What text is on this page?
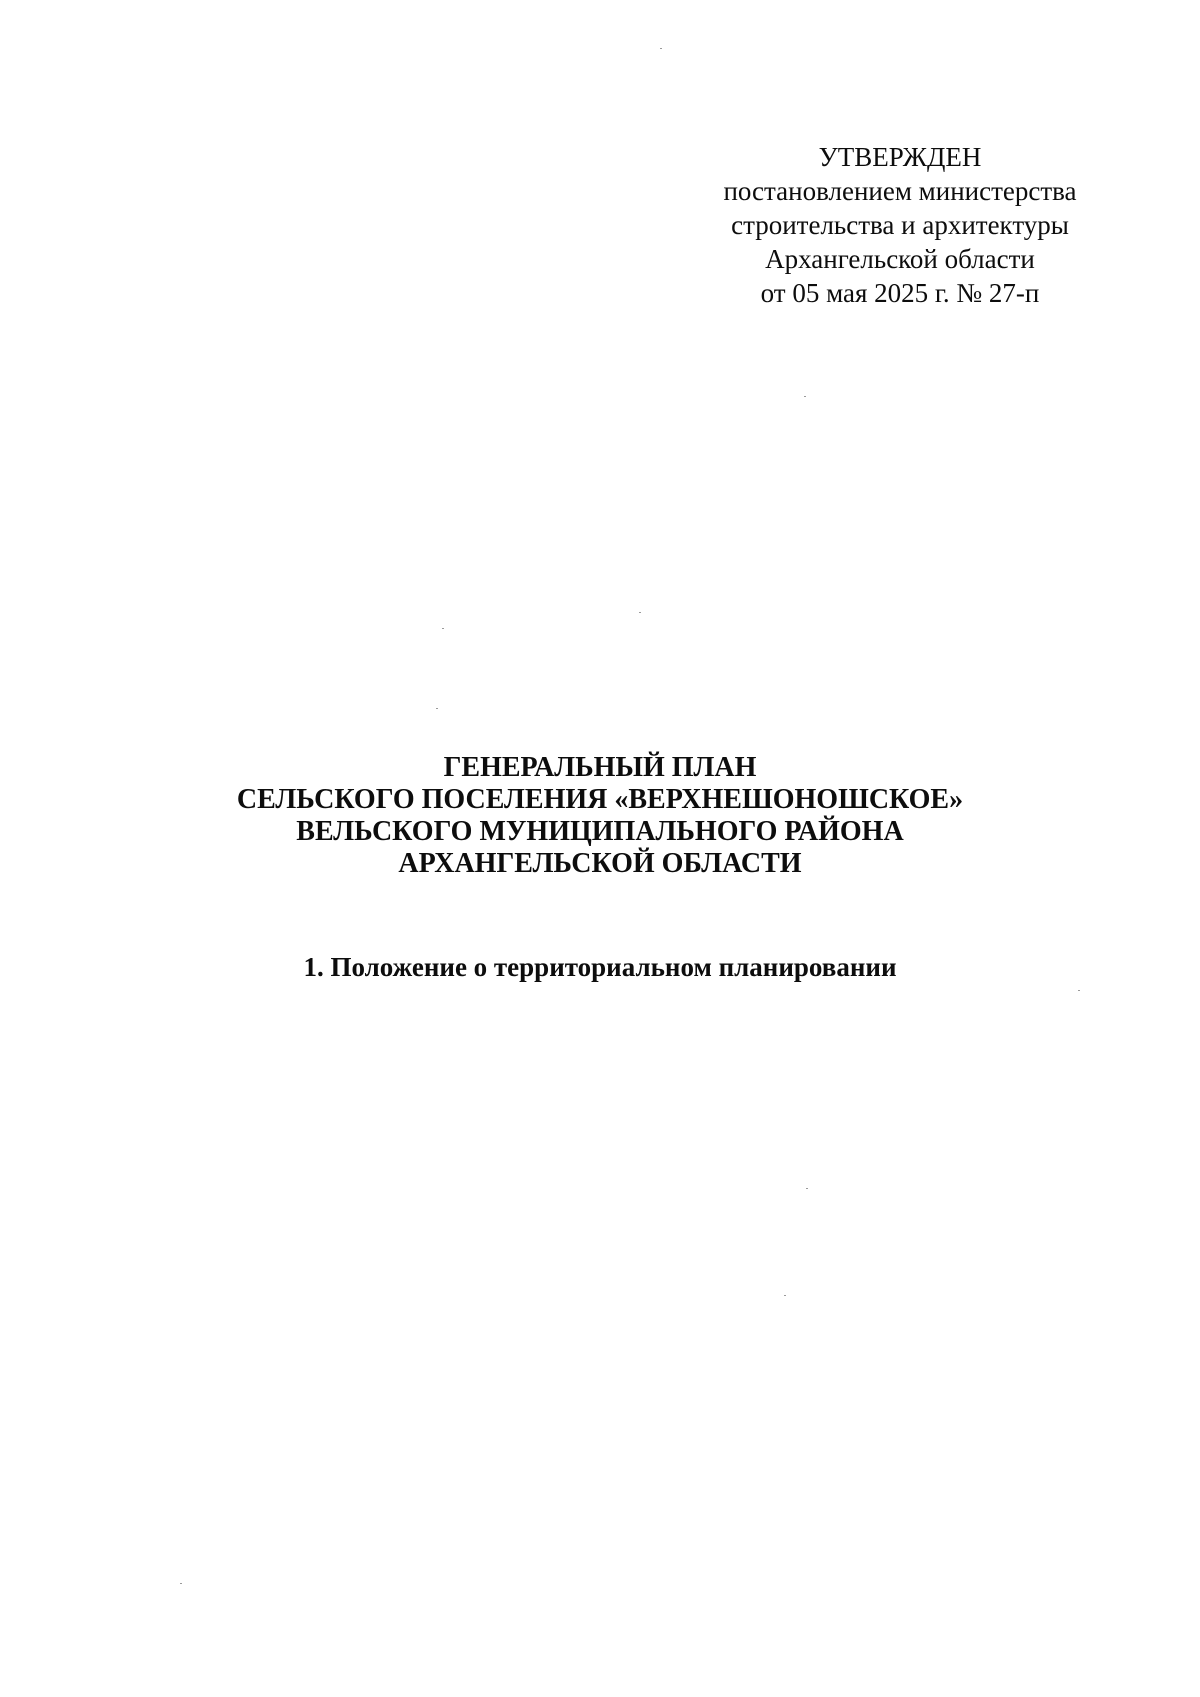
УТВЕРЖДЕН
постановлением министерства
строительства и архитектуры
Архангельской области
от 05 мая 2025 г. № 27-п
ГЕНЕРАЛЬНЫЙ ПЛАН
СЕЛЬСКОГО ПОСЕЛЕНИЯ «ВЕРХНЕШОНОШСКОЕ»
ВЕЛЬСКОГО МУНИЦИПАЛЬНОГО РАЙОНА
АРХАНГЕЛЬСКОЙ ОБЛАСТИ
1. Положение о территориальном планировании
